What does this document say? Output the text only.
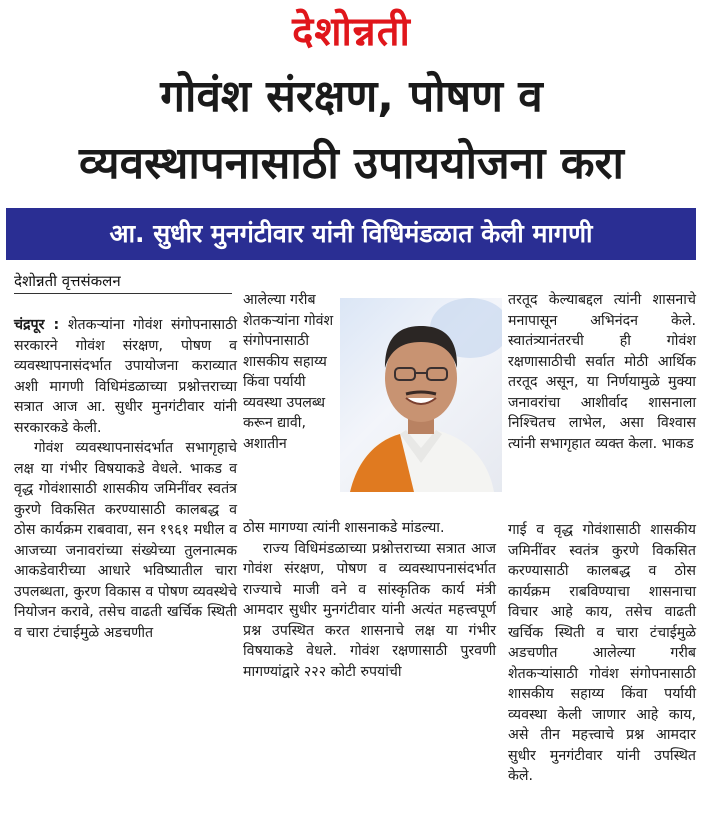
देशोन्नती
गोवंश संरक्षण, पोषण व
व्यवस्थापनासाठी उपाययोजना करा
आ. सुधीर मुनगंटीवार यांनी विधिमंडळात केली मागणी
देशोन्नती वृत्तसंकलन

चंद्रपूर : शेतकऱ्यांना गोवंश संगोपनासाठी सरकारने गोवंश संरक्षण, पोषण व व्यवस्थापनासंदर्भात उपायोजना कराव्यात अशी मागणी विधिमंडळाच्या प्रश्नोत्तराच्या सत्रात आज आ. सुधीर मुनगंटीवार यांनी सरकारकडे केली.

गोवंश व्यवस्थापनासंदर्भात सभागृहाचे लक्ष या गंभीर विषयाकडे वेधले. भाकड व वृद्ध गोवंशासाठी शासकीय जमिनींवर स्वतंत्र कुरणे विकसित करण्यासाठी कालबद्ध व ठोस कार्यक्रम राबवावा, सन १९६१ मधील व आजच्या जनावरांच्या संख्येच्या तुलनात्मक आकडेवारीच्या आधारे भविष्यातील चारा उपलब्धता, कुरण विकास व पोषण व्यवस्थेचे नियोजन करावे, तसेच वाढती खर्चिक स्थिती व चारा टंचाईमुळे अडचणीत

आलेल्या गरीब शेतकऱ्यांना गोवंश संगोपनासाठी शासकीय सहाय्य किंवा पर्यायी व्यवस्था उपलब्ध करून द्यावी, अशातीन

ठोस मागण्या त्यांनी शासनाकडे मांडल्या.

राज्य विधिमंडळाच्या प्रश्नोत्तराच्या सत्रात आज गोवंश संरक्षण, पोषण व व्यवस्थापनासंदर्भात राज्याचे माजी वने व सांस्कृतिक कार्य मंत्री आमदार सुधीर मुनगंटीवार यांनी अत्यंत महत्त्वपूर्ण प्रश्न उपस्थित करत शासनाचे लक्ष या गंभीर विषयाकडे वेधले. गोवंश रक्षणासाठी पुरवणी मागण्यांद्वारे २२२ कोटी रुपयांची

तरतूद केल्याबद्दल त्यांनी शासनाचे मनापासून अभिनंदन केले. स्वातंत्र्यानंतरची ही गोवंश रक्षणासाठीची सर्वात मोठी आर्थिक तरतूद असून, या निर्णयामुळे मुक्या जनावरांचा आशीर्वाद शासनाला निश्चितच लाभेल, असा विश्वास त्यांनी सभागृहात व्यक्त केला. भाकड

गाई व वृद्ध गोवंशासाठी शासकीय जमिनींवर स्वतंत्र कुरणे विकसित करण्यासाठी कालबद्ध व ठोस कार्यक्रम राबविण्याचा शासनाचा विचार आहे काय, तसेच वाढती खर्चिक स्थिती व चारा टंचाईमुळे अडचणीत आलेल्या गरीब शेतकऱ्यांसाठी गोवंश संगोपनासाठी शासकीय सहाय्य किंवा पर्यायी व्यवस्था केली जाणार आहे काय, असे तीन महत्त्वाचे प्रश्न आमदार सुधीर मुनगंटीवार यांनी उपस्थित केले.
